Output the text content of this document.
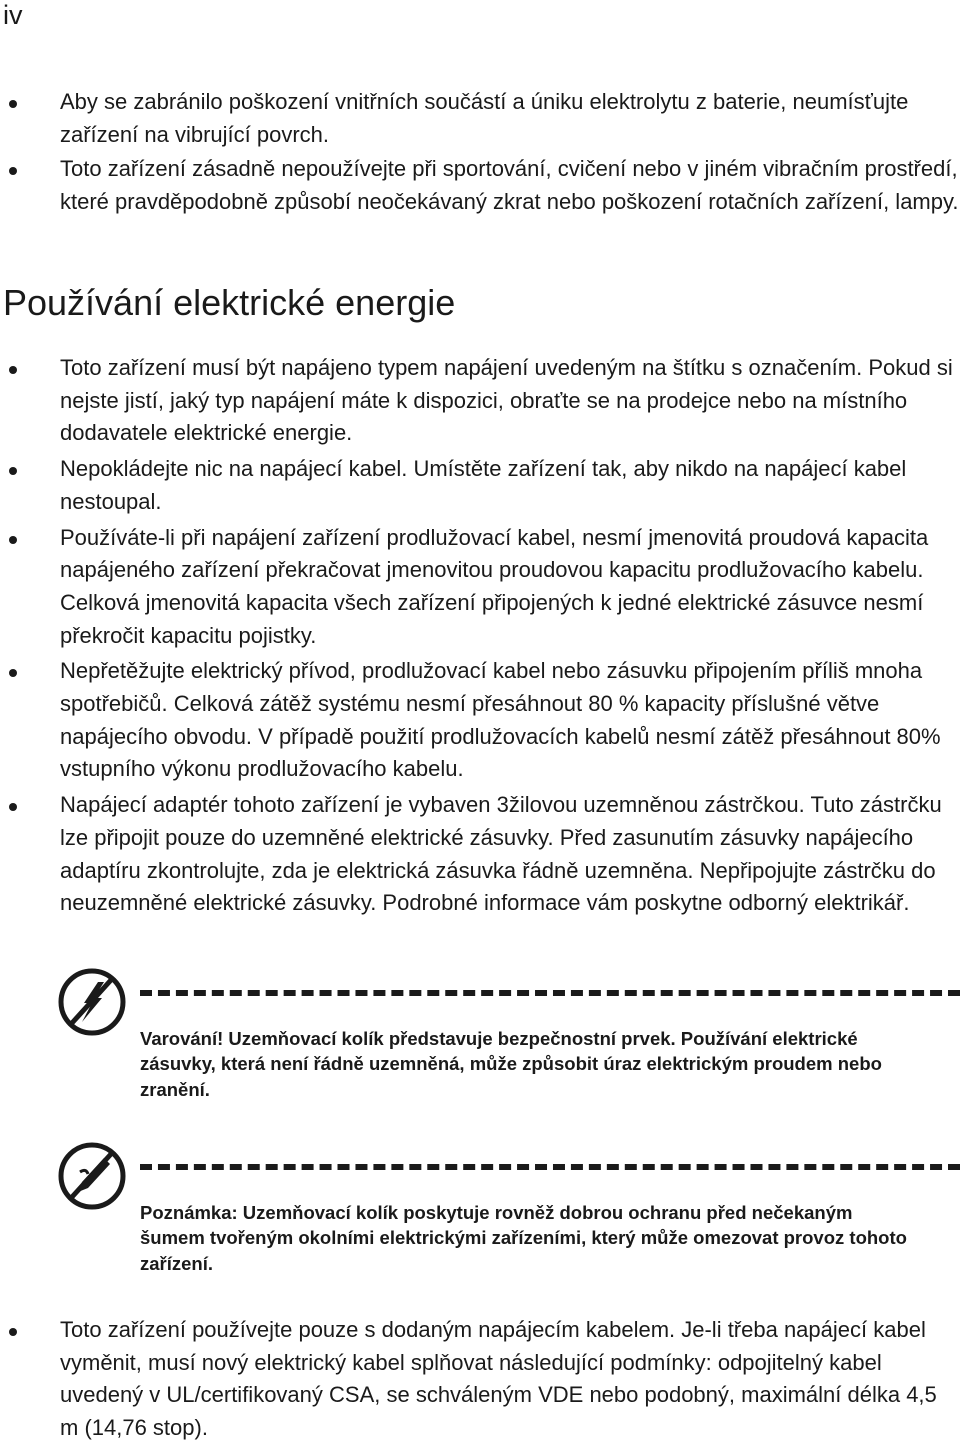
iv
Aby se zabránilo poškození vnitřních součástí a úniku elektrolytu z baterie, neumísťujte zařízení na vibrující povrch.
Toto zařízení zásadně nepoužívejte při sportování, cvičení nebo v jiném vibračním prostředí, které pravděpodobně způsobí neočekávaný zkrat nebo poškození rotačních zařízení, lampy.
Používání elektrické energie
Toto zařízení musí být napájeno typem napájení uvedeným na štítku s označením. Pokud si nejste jistí, jaký typ napájení máte k dispozici, obraťte se na prodejce nebo na místního dodavatele elektrické energie.
Nepokládejte nic na napájecí kabel. Umístěte zařízení tak, aby nikdo na napájecí kabel nestoupal.
Používáte-li při napájení zařízení prodlužovací kabel, nesmí jmenovitá proudová kapacita napájeného zařízení překračovat jmenovitou proudovou kapacitu prodlužovacího kabelu. Celková jmenovitá kapacita všech zařízení připojených k jedné elektrické zásuvce nesmí překročit kapacitu pojistky.
Nepřetěžujte elektrický přívod, prodlužovací kabel nebo zásuvku připojením příliš mnoha spotřebičů. Celková zátěž systému nesmí přesáhnout 80 % kapacity příslušné větve napájecího obvodu. V případě použití prodlužovacích kabelů nesmí zátěž přesáhnout 80% vstupního výkonu prodlužovacího kabelu.
Napájecí adaptér tohoto zařízení je vybaven 3žilovou uzemněnou zástrčkou. Tuto zástrčku lze připojit pouze do uzemněné elektrické zásuvky. Před zasunutím zásuvky napájecího adaptíru zkontrolujte, zda je elektrická zásuvka řádně uzemněna. Nepřipojujte zástrčku do neuzemněné elektrické zásuvky. Podrobné informace vám poskytne odborný elektrikář.
Varování! Uzemňovací kolík představuje bezpečnostní prvek. Používání elektrické zásuvky, která není řádně uzemněná, může způsobit úraz elektrickým proudem nebo zranění.
Poznámka: Uzemňovací kolík poskytuje rovněž dobrou ochranu před nečekaným šumem tvořeným okolními elektrickými zařízeními, který může omezovat provoz tohoto zařízení.
Toto zařízení používejte pouze s dodaným napájecím kabelem. Je-li třeba napájecí kabel vyměnit, musí nový elektrický kabel splňovat následující podmínky: odpojitelný kabel uvedený v UL/certifikovaný CSA, se schváleným VDE nebo podobný, maximální délka 4,5 m (14,76 stop).
